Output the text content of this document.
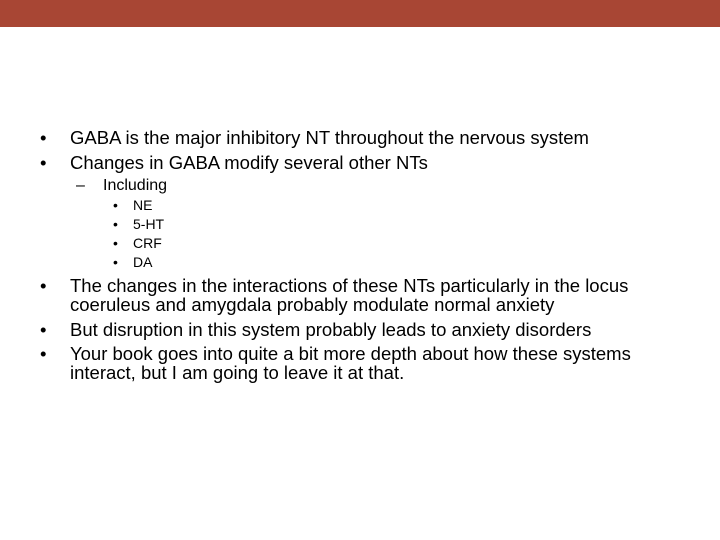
• GABA is the major inhibitory NT throughout the nervous system
• Changes in GABA modify several other NTs
– Including
• NE
• 5-HT
• CRF
• DA
• The changes in the interactions of these NTs particularly in the locus
coeruleus and amygdala probably modulate normal anxiety
• But disruption in this system probably leads to anxiety disorders
• Your book goes into quite a bit more depth about how these systems
interact, but I am going to leave it at that.
